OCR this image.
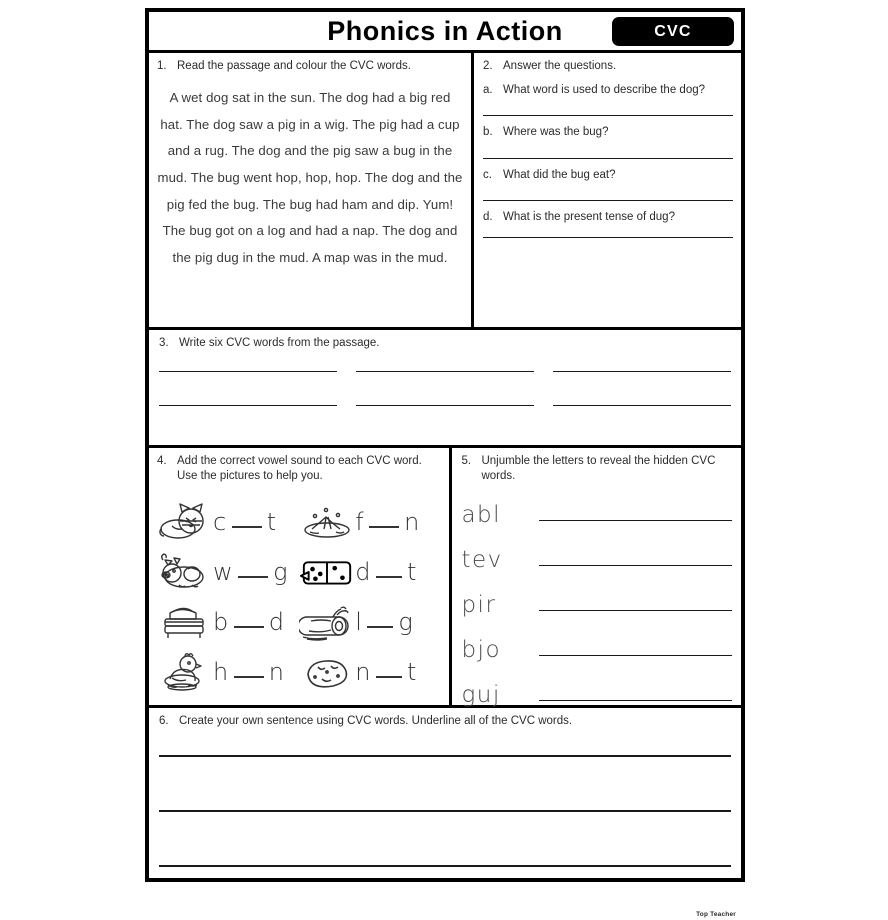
Phonics in Action	CVC
1. Read the passage and colour the CVC words.
A wet dog sat in the sun. The dog had a big red hat. The dog saw a pig in a wig. The pig had a cup and a rug. The dog and the pig saw a bug in the mud. The bug went hop, hop, hop. The dog and the pig fed the bug. The bug had ham and dip. Yum! The bug got on a log and had a nap. The dog and the pig dug in the mud. A map was in the mud.
2. Answer the questions.
a. What word is used to describe the dog?
b. Where was the bug?
c. What did the bug eat?
d. What is the present tense of dug?
3. Write six CVC words from the passage.
4. Add the correct vowel sound to each CVC word. Use the pictures to help you.
c t	f n
w g	d t
b d	l g
h n	n t
5. Unjumble the letters to reveal the hidden CVC words.
abl
tev
pir
bjo
guj
6. Create your own sentence using CVC words. Underline all of the CVC words.
Top Teacher
